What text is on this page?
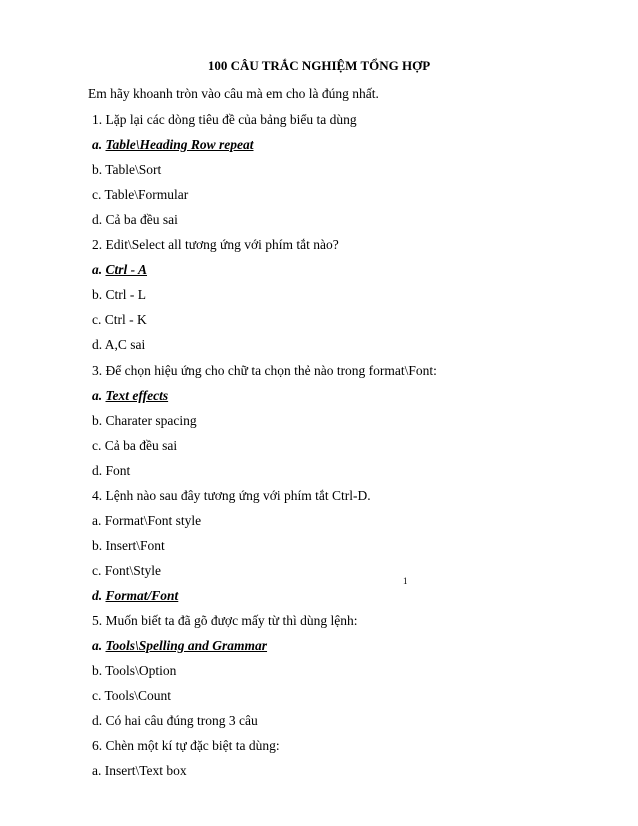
100 CÂU TRẮC NGHIỆM TỔNG HỢP
Em hãy khoanh tròn vào câu mà em cho là đúng nhất.
1. Lặp lại các dòng tiêu đề của bảng biểu ta dùng
a. Table\Heading Row repeat
b. Table\Sort
c. Table\Formular
d. Cả ba đều sai
2. Edit\Select all tương ứng với phím tắt nào?
a. Ctrl - A
b. Ctrl - L
c. Ctrl - K
d. A,C sai
3. Để chọn hiệu ứng cho chữ ta chọn thẻ nào trong format\Font:
a. Text effects
b. Charater spacing
c. Cả ba đều sai
d. Font
4. Lệnh nào sau đây tương ứng với phím tắt Ctrl-D.
a. Format\Font style
b. Insert\Font
c. Font\Style
d. Format/Font
5. Muốn biết ta đã gõ được mấy từ thì dùng lệnh:
a. Tools\Spelling and Grammar
b. Tools\Option
c. Tools\Count
d. Có hai câu đúng trong 3 câu
6. Chèn một kí tự đặc biệt ta dùng:
a. Insert\Text box
1
